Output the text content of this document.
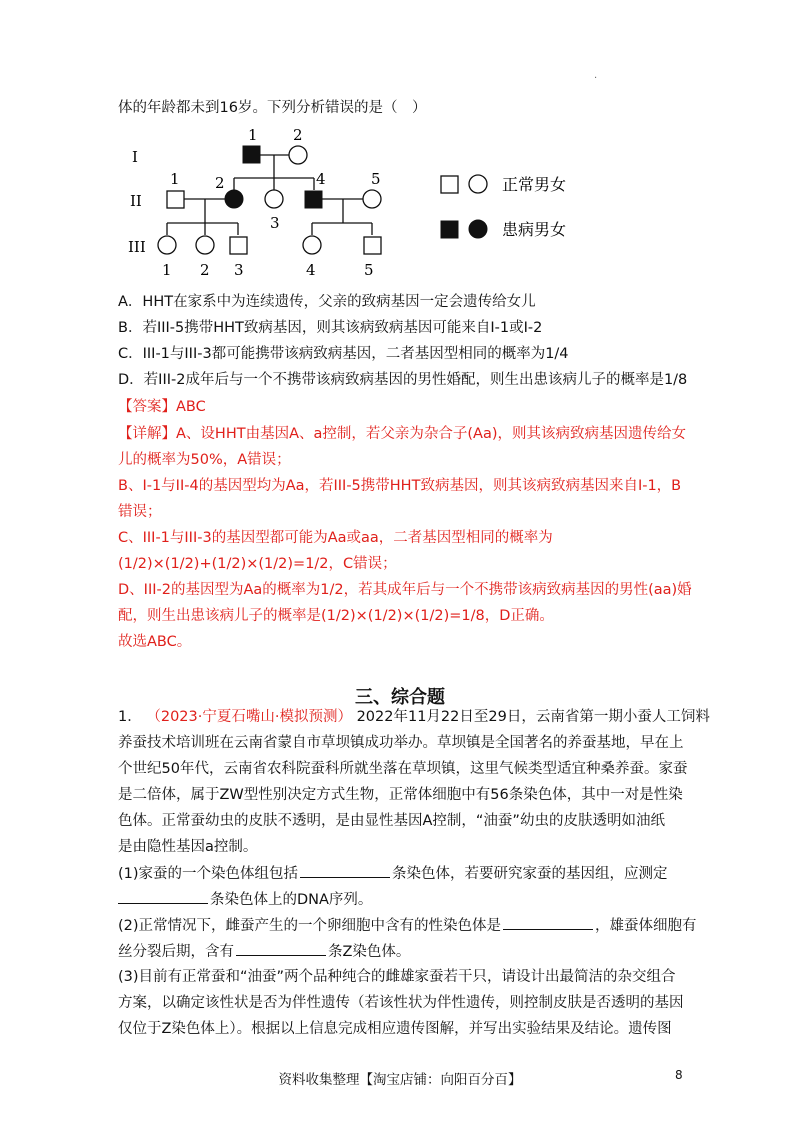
.
体的年龄都未到16岁。下列分析错误的是（　）
I
II
III
1 2
1 2
3
4	5
1 2 3	4	5
正常男女
患病男女
A．HHT在家系中为连续遗传，父亲的致病基因一定会遗传给女儿
B．若III-5携带HHT致病基因，则其该病致病基因可能来自I-1或I-2
C．III-1与III-3都可能携带该病致病基因，二者基因型相同的概率为1/4
D．若III-2成年后与一个不携带该病致病基因的男性婚配，则生出患该病儿子的概率是1/8
【答案】ABC
【详解】A、设HHT由基因A、a控制，若父亲为杂合子(Aa)，则其该病致病基因遗传给女
儿的概率为50%，A错误；
B、I-1与II-4的基因型均为Aa，若III-5携带HHT致病基因，则其该病致病基因来自I-1，B
错误；
C、III-1与III-3的基因型都可能为Aa或aa，二者基因型相同的概率为
(1/2)×(1/2)+(1/2)×(1/2)=1/2，C错误；
D、III-2的基因型为Aa的概率为1/2，若其成年后与一个不携带该病致病基因的男性(aa)婚
配，则生出患该病儿子的概率是(1/2)×(1/2)×(1/2)=1/8，D正确。
故选ABC。
三、综合题
1． （2023·宁夏石嘴山·模拟预测） 2022年11月22日至29日，云南省第一期小蚕人工饲料
养蚕技术培训班在云南省蒙自市草坝镇成功举办。草坝镇是全国著名的养蚕基地，早在上
个世纪50年代，云南省农科院蚕科所就坐落在草坝镇，这里气候类型适宜种桑养蚕。家蚕
是二倍体，属于ZW型性别决定方式生物，正常体细胞中有56条染色体，其中一对是性染
色体。正常蚕幼虫的皮肤不透明，是由显性基因A控制，“油蚕”幼虫的皮肤透明如油纸
是由隐性基因a控制。
(1)家蚕的一个染色体组包括	条染色体，若要研究家蚕的基因组，应测定
条染色体上的DNA序列。
(2)正常情况下，雌蚕产生的一个卵细胞中含有的性染色体是	，雄蚕体细胞有
丝分裂后期，含有	条Z染色体。
(3)目前有正常蚕和“油蚕”两个品种纯合的雌雄家蚕若干只，请设计出最简洁的杂交组合
方案，以确定该性状是否为伴性遗传（若该性状为伴性遗传，则控制皮肤是否透明的基因
仅位于Z染色体上）。根据以上信息完成相应遗传图解，并写出实验结果及结论。遗传图
资料收集整理【淘宝店铺：向阳百分百】	8
